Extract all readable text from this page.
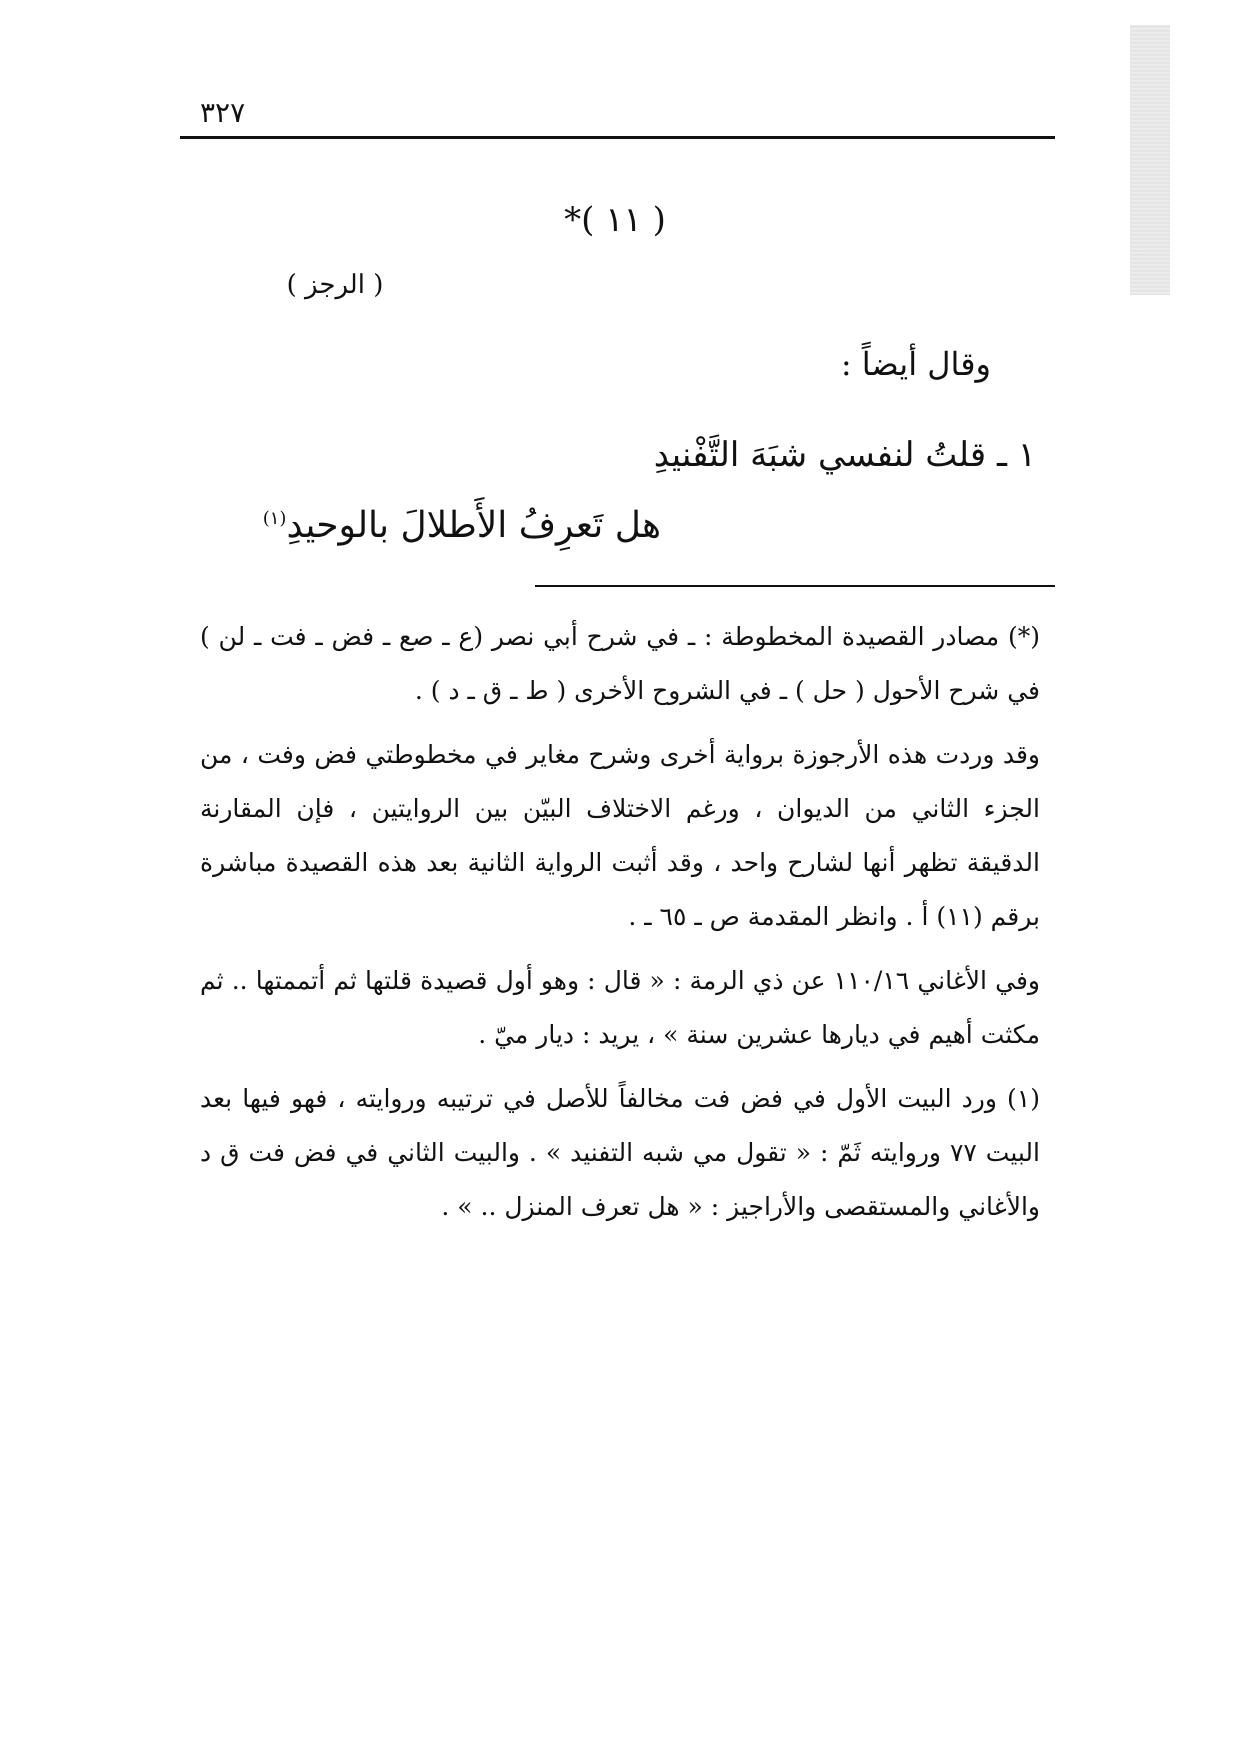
٣٢٧
( ١١ )*
( الرجز )
وقال أيضاً :
١ ـ قلتُ لنفسي شبَهَ التَّفْنيدِ
هل تَعرِفُ الأَطلالَ بالوحيدِ$^{(١)}$

(*) مصادر القصيدة المخطوطة : ـ في شرح أبي نصر (ع ـ صع ـ فض ـ فت ـ لن ) في شرح الأحول ( حل ) ـ في الشروح الأخرى ( ط ـ ق ـ د ) .

وقد وردت هذه الأرجوزة برواية أخرى وشرح مغاير في مخطوطتي فض وفت ، من الجزء الثاني من الديوان ، ورغم الاختلاف البيّن بين الروايتين ، فإن المقارنة الدقيقة تظهر أنها لشارح واحد ، وقد أثبت الرواية الثانية بعد هذه القصيدة مباشرة برقم (١١) أ . وانظر المقدمة ص ـ ٦٥ ـ .

وفي الأغاني ١١٠/١٦ عن ذي الرمة : « قال : وهو أول قصيدة قلتها ثم أتممتها .. ثم مكثت أهيم في ديارها عشرين سنة » ، يريد : ديار ميّ .

(١) ورد البيت الأول في فض فت مخالفاً للأصل في ترتيبه وروايته ، فهو فيها بعد البيت ٧٧ وروايته ثَمّ : « تقول مي شبه التفنيد » . والبيت الثاني في فض فت ق د والأغاني والمستقصى والأراجيز : « هل تعرف المنزل .. » .
